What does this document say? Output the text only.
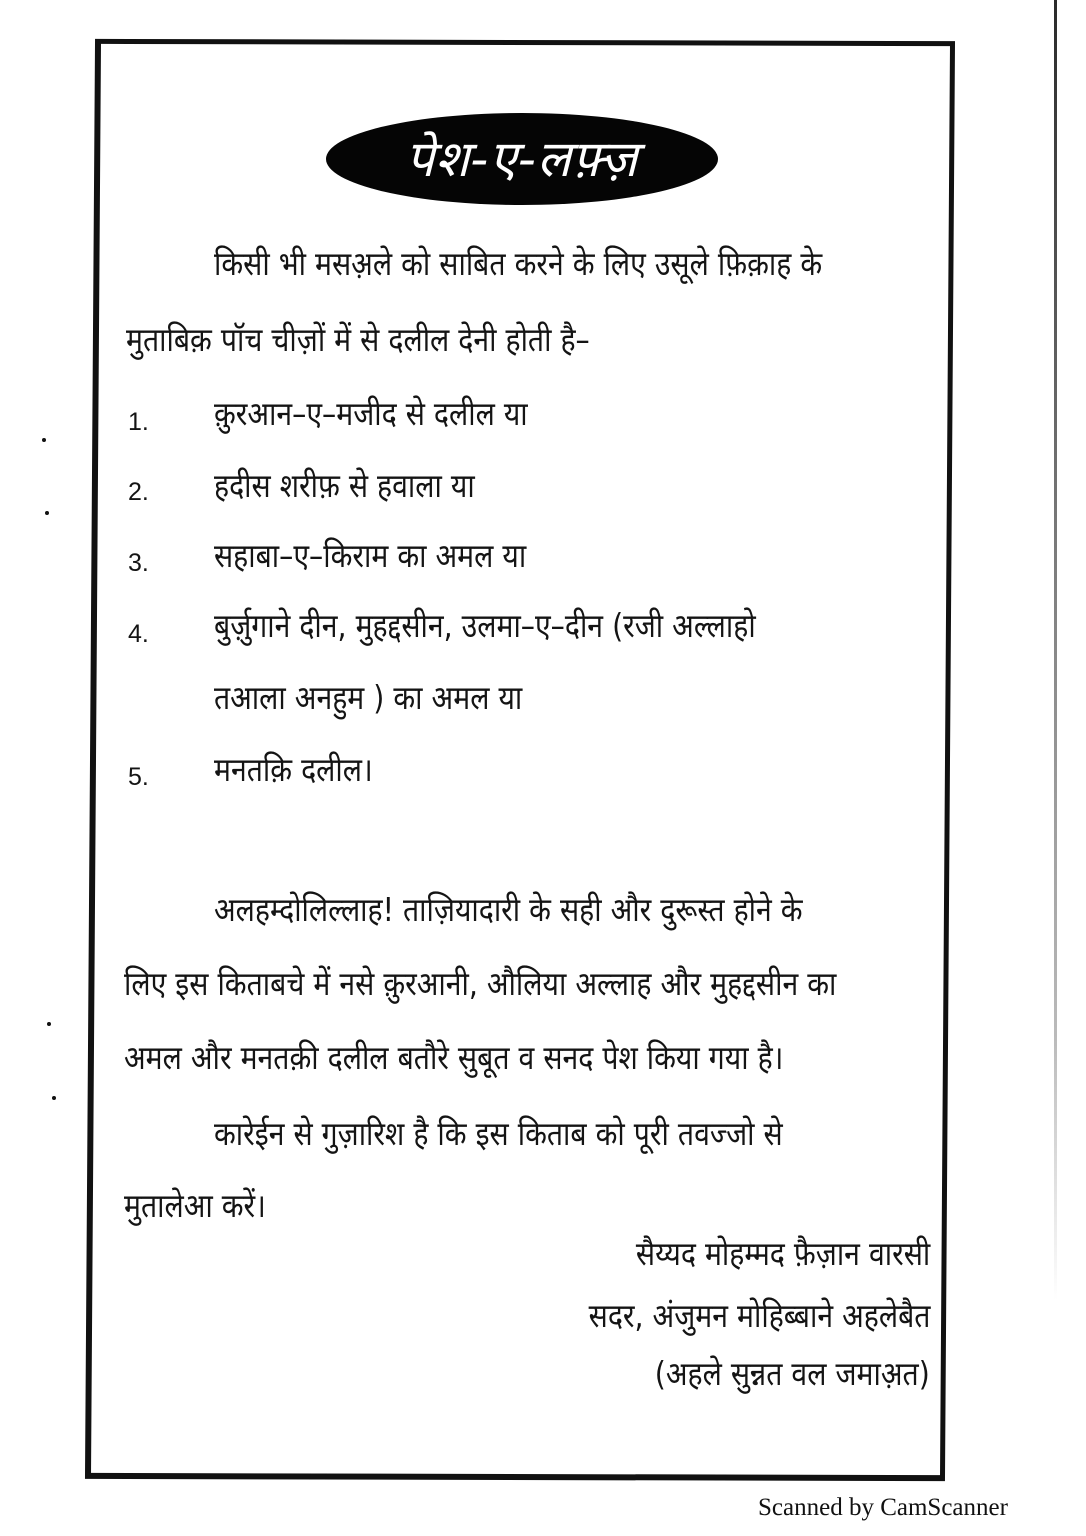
पेश-ए-लफ़्ज़
किसी भी मसअ़ले को साबित करने के लिए उसूले फ़िक़ाह के
मुताबिक़ पॉच चीज़ों में से दलील देनी होती है–
1. क़ुरआन–ए–मजीद से दलील या
2. हदीस शरीफ़ से हवाला या
3. सहाबा–ए–किराम का अमल या
4. बुर्ज़ुगाने दीन, मुहद्दसीन, उलमा–ए–दीन (रजी अल्लाहो
तआला अनहुम ) का अमल या
5. मनतक़ि दलील।
अलहम्दोलिल्लाह! ताज़ियादारी के सही और दुरूस्त होने के
लिए इस किताबचे में नसे क़ुरआनी, औलिया अल्लाह और मुहद्दसीन का
अमल और मनतक़ी दलील बतौरे सुबूत व सनद पेश किया गया है।
कारेईन से गुज़ारिश है कि इस किताब को पूरी तवज्जो से
मुतालेआ करें।
सैय्यद मोहम्मद फ़ैज़ान वारसी
सदर, अंजुमन मोहिब्बाने अहलेबैत
(अहले सुन्नत वल जमाअ़त)
Scanned by CamScanner
